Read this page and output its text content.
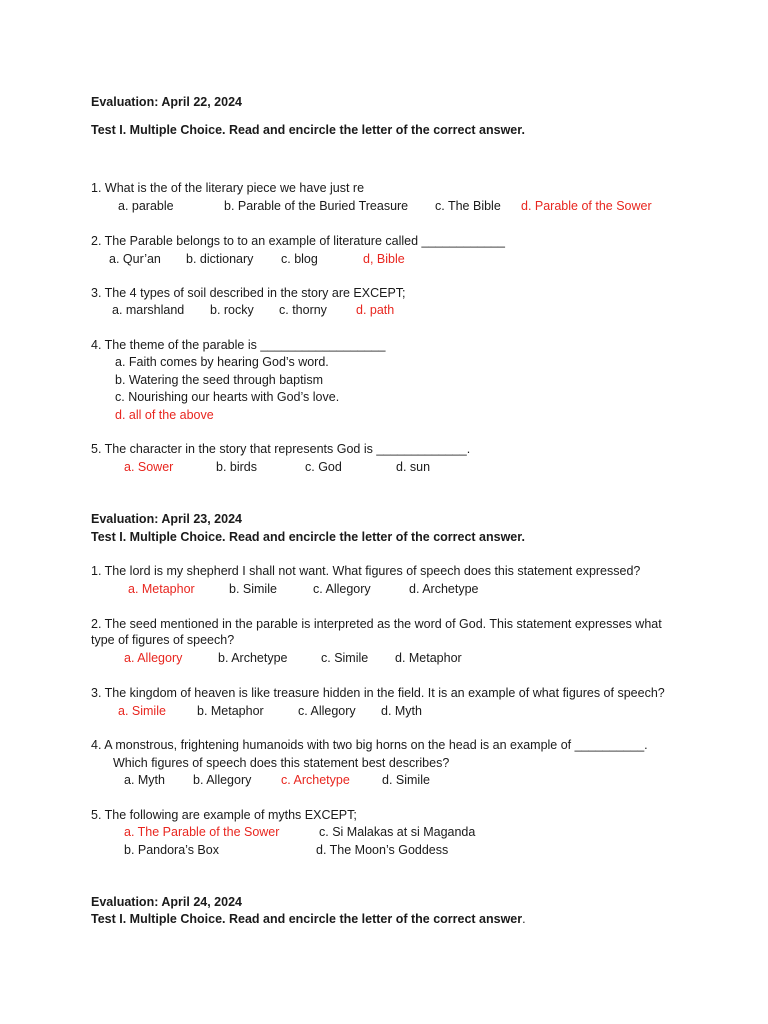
Evaluation: April 22, 2024
Test I. Multiple Choice. Read and encircle the letter of the correct answer.
1. What is the of the literary piece we have just re
a. parable	b. Parable of the Buried Treasure c. The Bible d. Parable of the Sower
2. The Parable belongs to to an example of literature called ____________
a. Qur’an b. dictionary c. blog	d, Bible
3. The 4 types of soil described in the story are EXCEPT;
a. marshland b. rocky c. thorny d. path
4. The theme of the parable is __________________
a. Faith comes by hearing God’s word.
b. Watering the seed through baptism
c. Nourishing our hearts with God’s love.
d. all of the above
5. The character in the story that represents God is _____________.
a. Sower	b. birds	c. God	d. sun
Evaluation: April 23, 2024
Test I. Multiple Choice. Read and encircle the letter of the correct answer.
1. The lord is my shepherd I shall not want. What figures of speech does this statement expressed?
a. Metaphor	b. Simile	c. Allegory	d. Archetype
2. The seed mentioned in the parable is interpreted as the word of God. This statement expresses what
type of figures of speech?
a. Allegory	b. Archetype	c. Simile d. Metaphor
3. The kingdom of heaven is like treasure hidden in the field. It is an example of what figures of speech?
a. Simile b. Metaphor	c. Allegory d. Myth
4. A monstrous, frightening humanoids with two big horns on the head is an example of __________.
Which figures of speech does this statement best describes?
a. Myth b. Allegory c. Archetype	d. Simile
5. The following are example of myths EXCEPT;
a. The Parable of the Sower	c. Si Malakas at si Maganda
b. Pandora’s Box	d. The Moon’s Goddess
Evaluation: April 24, 2024
Test I. Multiple Choice. Read and encircle the letter of the correct answer.
